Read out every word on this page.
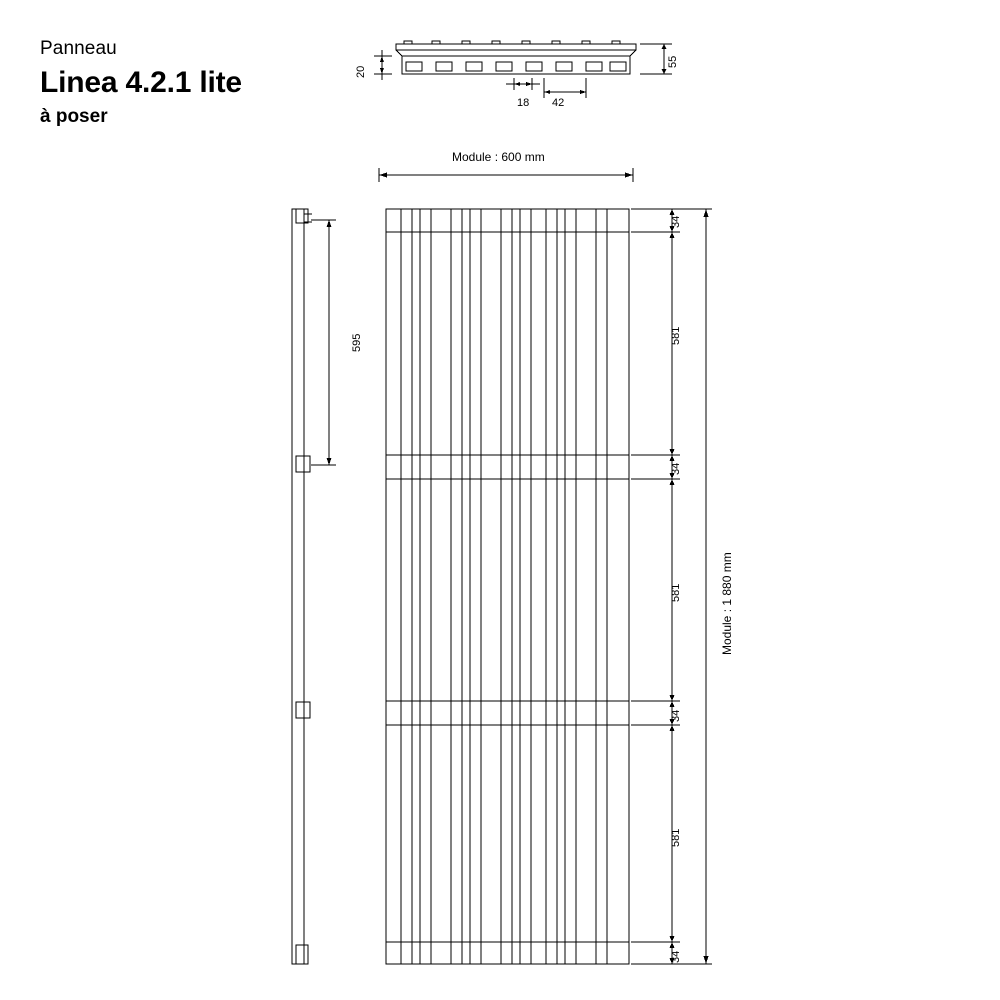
Panneau
Linea 4.2.1 lite
à poser
55
20
18 42
Module : 600 mm
595
34
581
34
581
34
581
34
Module : 1 880 mm
